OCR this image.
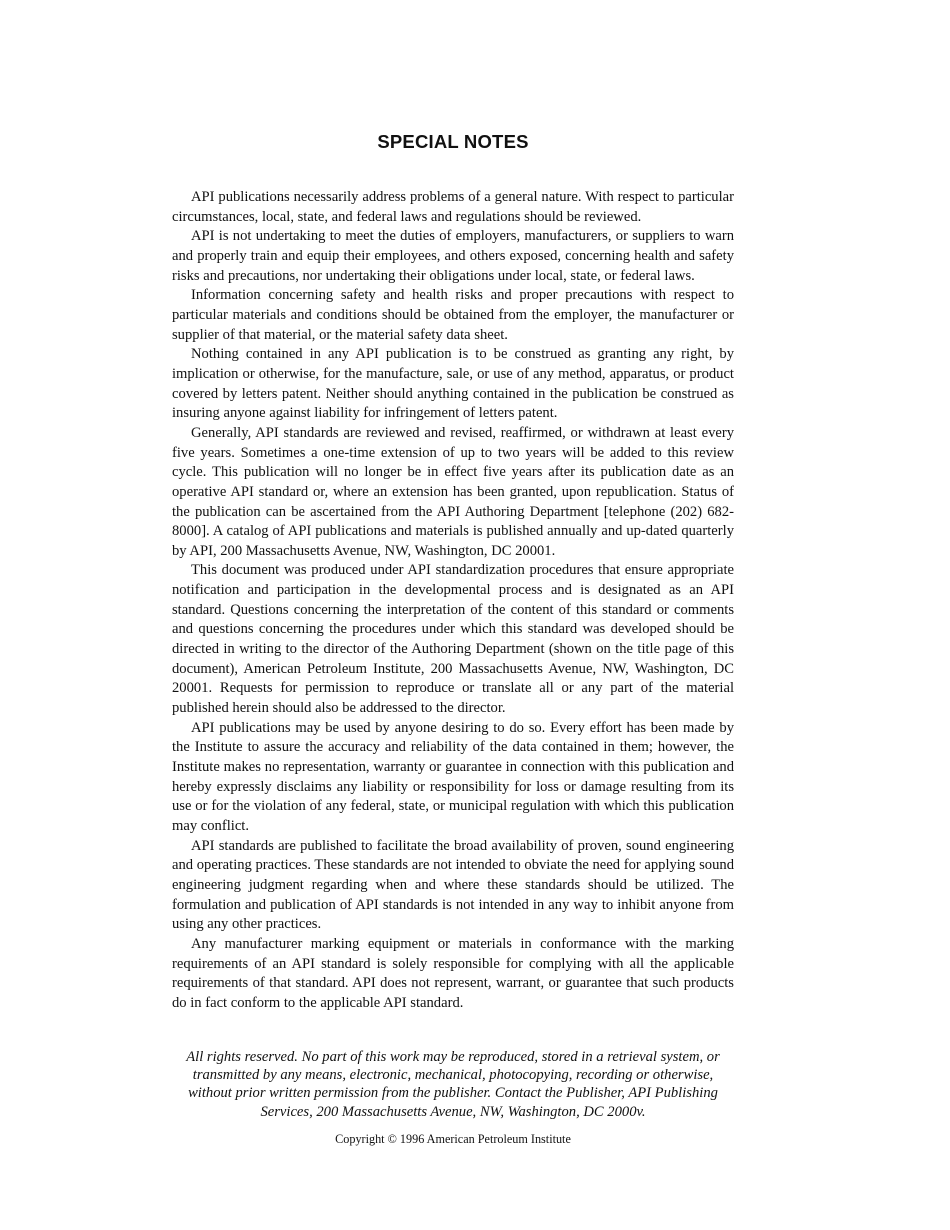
SPECIAL NOTES

API publications necessarily address problems of a general nature. With respect to particular circumstances, local, state, and federal laws and regulations should be reviewed.

API is not undertaking to meet the duties of employers, manufacturers, or suppliers to warn and properly train and equip their employees, and others exposed, concerning health and safety risks and precautions, nor undertaking their obligations under local, state, or federal laws.

Information concerning safety and health risks and proper precautions with respect to particular materials and conditions should be obtained from the employer, the manufacturer or supplier of that material, or the material safety data sheet.

Nothing contained in any API publication is to be construed as granting any right, by implication or otherwise, for the manufacture, sale, or use of any method, apparatus, or product covered by letters patent. Neither should anything contained in the publication be construed as insuring anyone against liability for infringement of letters patent.

Generally, API standards are reviewed and revised, reaffirmed, or withdrawn at least every five years. Sometimes a one-time extension of up to two years will be added to this review cycle. This publication will no longer be in effect five years after its publication date as an operative API standard or, where an extension has been granted, upon republication. Status of the publication can be ascertained from the API Authoring Department [telephone (202) 682-8000]. A catalog of API publications and materials is published annually and up-dated quarterly by API, 200 Massachusetts Avenue, NW, Washington, DC 20001.

This document was produced under API standardization procedures that ensure appropriate notification and participation in the developmental process and is designated as an API standard. Questions concerning the interpretation of the content of this standard or comments and questions concerning the procedures under which this standard was developed should be directed in writing to the director of the Authoring Department (shown on the title page of this document), American Petroleum Institute, 200 Massachusetts Avenue, NW, Washington, DC 20001. Requests for permission to reproduce or translate all or any part of the material published herein should also be addressed to the director.

API publications may be used by anyone desiring to do so. Every effort has been made by the Institute to assure the accuracy and reliability of the data contained in them; however, the Institute makes no representation, warranty or guarantee in connection with this publication and hereby expressly disclaims any liability or responsibility for loss or damage resulting from its use or for the violation of any federal, state, or municipal regulation with which this publication may conflict.

API standards are published to facilitate the broad availability of proven, sound engineering and operating practices. These standards are not intended to obviate the need for applying sound engineering judgment regarding when and where these standards should be utilized. The formulation and publication of API standards is not intended in any way to inhibit anyone from using any other practices.

Any manufacturer marking equipment or materials in conformance with the marking requirements of an API standard is solely responsible for complying with all the applicable requirements of that standard. API does not represent, warrant, or guarantee that such products do in fact conform to the applicable API standard.

All rights reserved. No part of this work may be reproduced, stored in a retrieval system, or transmitted by any means, electronic, mechanical, photocopying, recording or otherwise, without prior written permission from the publisher. Contact the Publisher, API Publishing Services, 200 Massachusetts Avenue, NW, Washington, DC 2000v.

Copyright © 1996 American Petroleum Institute
